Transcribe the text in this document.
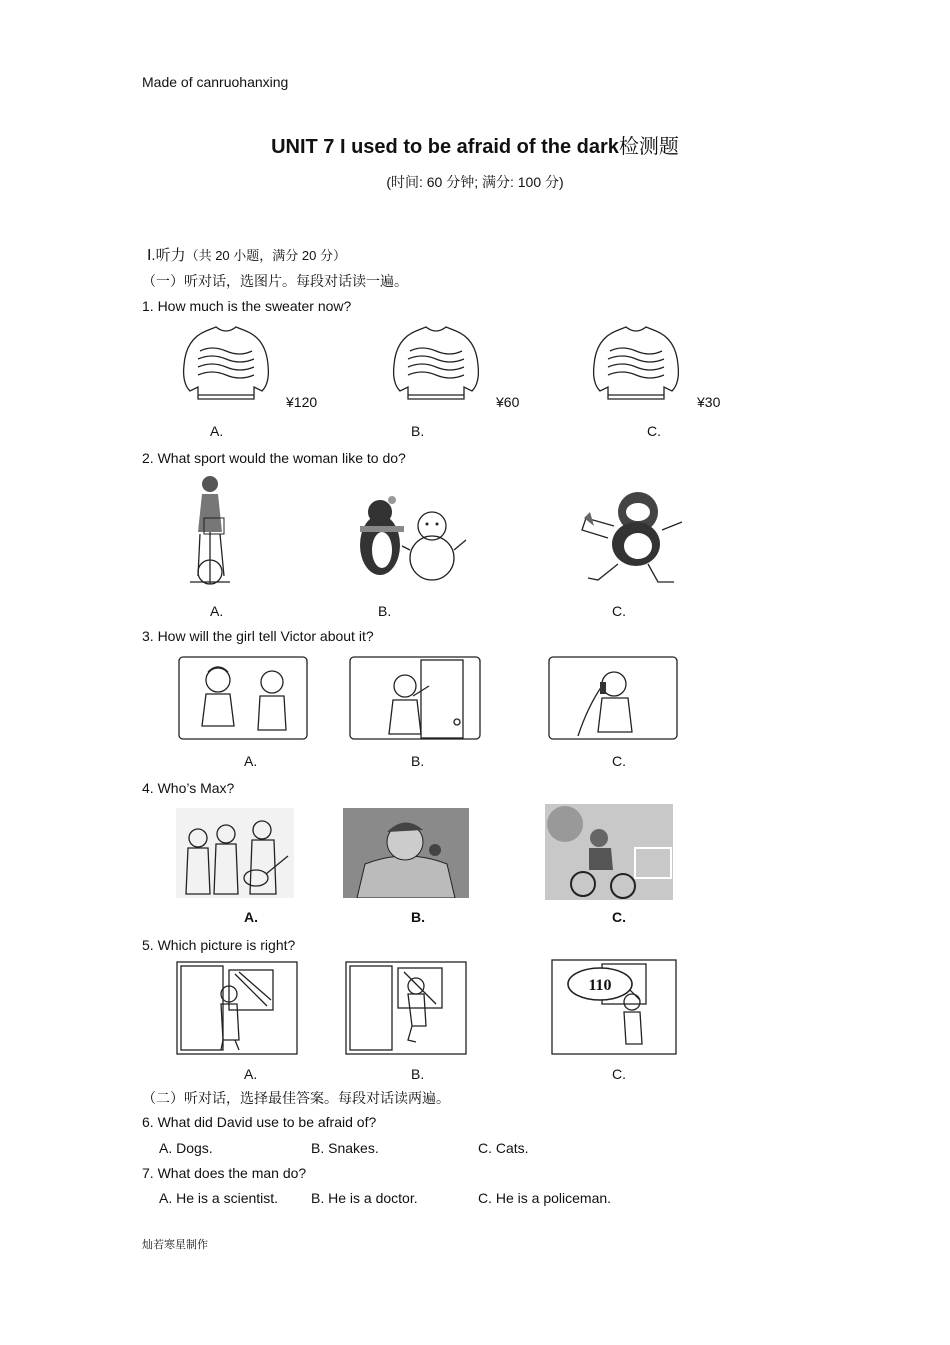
Made of canruohanxing
UNIT 7 I used to be afraid of the dark检测题
(时间: 60 分钟; 满分: 100 分)
Ⅰ.听力（共 20 小题，满分 20 分）
（一）听对话，选图片。每段对话读一遍。
1. How much is the sweater now?
¥120	¥60	¥30
A.	B.	C.
2. What sport would the woman like to do?
A.	B.	C.
3. How will the girl tell Victor about it?
A.	B.	C.
4. Who’s Max?
A.	B.	C.
5. Which picture is right?
110
A.	B.	C.
（二）听对话，选择最佳答案。每段对话读两遍。
6. What did David use to be afraid of?
A. Dogs.	B. Snakes.	C. Cats.
7. What does the man do?
A. He is a scientist. B. He is a doctor.	C. He is a policeman.
灿若寒星制作
